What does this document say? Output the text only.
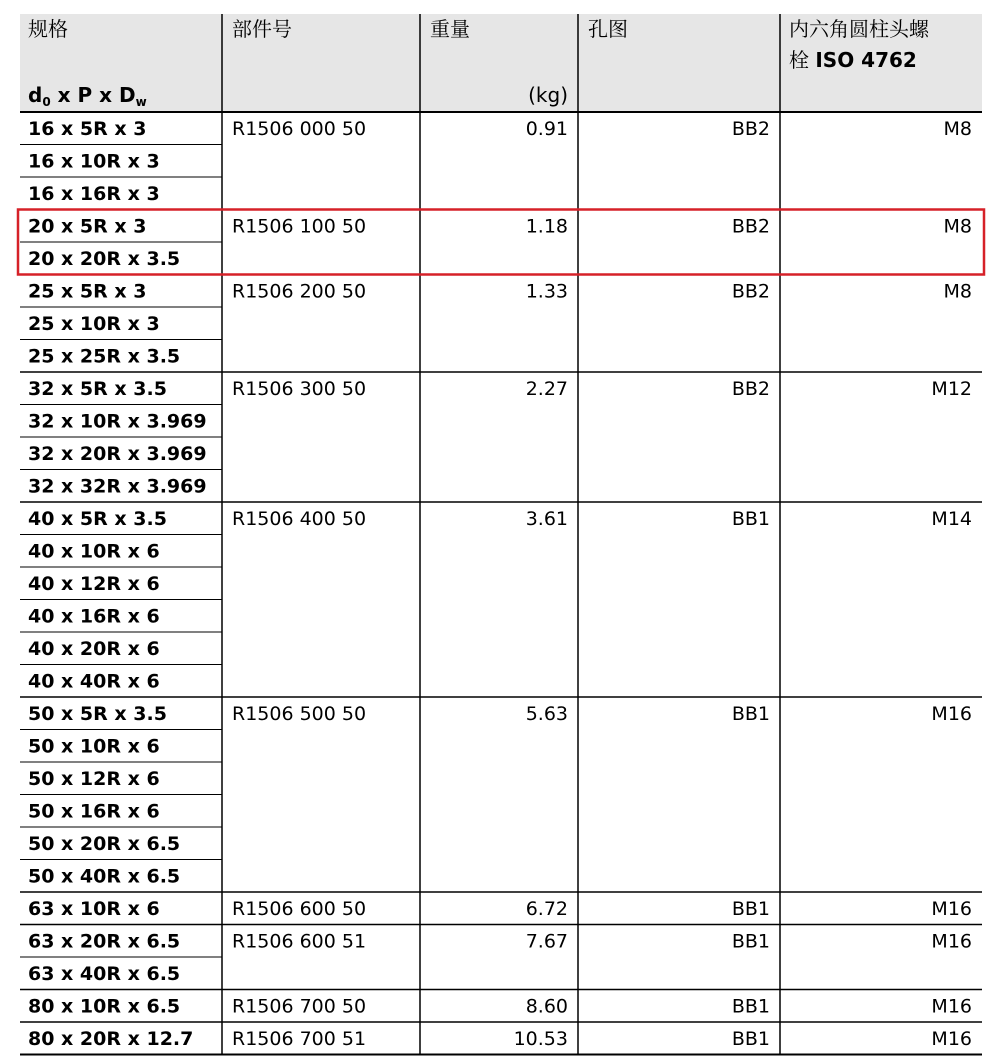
规格
$d_0$ x P x $D_w$
部件号	重量
(kg)
孔图	内六角圆柱头螺
栓 ISO 4762
16 x 5R x 3
16 x 10R x 3
16 x 16R x 3
R1506 000 50	0.91	BB2	M8
20 x 5R x 3
20 x 20R x 3.5
R1506 100 50	1.18	BB2	M8
25 x 5R x 3
25 x 10R x 3
25 x 25R x 3.5
R1506 200 50	1.33	BB2	M8
32 x 5R x 3.5
32 x 10R x 3.969
32 x 20R x 3.969
32 x 32R x 3.969
R1506 300 50	2.27	BB2	M12
40 x 5R x 3.5
40 x 10R x 6
40 x 12R x 6
40 x 16R x 6
40 x 20R x 6
40 x 40R x 6
R1506 400 50	3.61	BB1	M14
50 x 5R x 3.5
50 x 10R x 6
50 x 12R x 6
50 x 16R x 6
50 x 20R x 6.5
50 x 40R x 6.5
R1506 500 50	5.63	BB1	M16
63 x 10R x 6	R1506 600 50	6.72	BB1	M16
63 x 20R x 6.5
63 x 40R x 6.5
R1506 600 51	7.67	BB1	M16
80 x 10R x 6.5	R1506 700 50	8.60	BB1	M16
80 x 20R x 12.7 R1506 700 51	10.53	BB1	M16
